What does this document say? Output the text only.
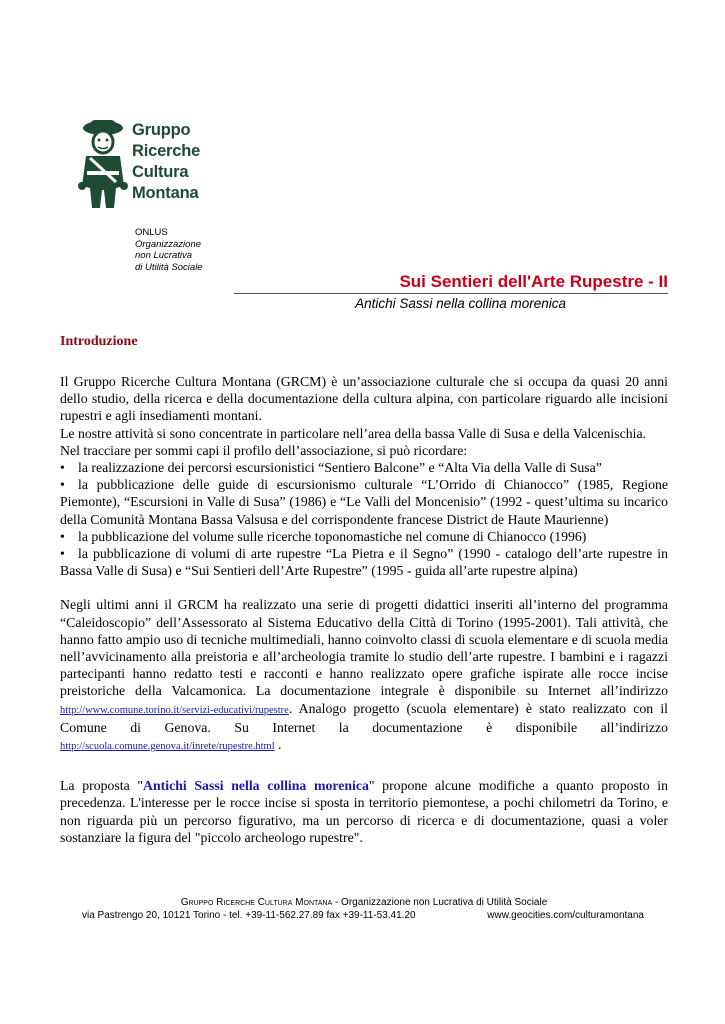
Gruppo
Ricerche
Cultura
Montana
ONLUS
Organizzazione
non Lucrativa
di Utilità Sociale
Sui Sentieri dell'Arte Rupestre - II
Antichi Sassi nella collina morenica
Introduzione

Il Gruppo Ricerche Cultura Montana (GRCM) è un’associazione culturale che si occupa da quasi 20 anni dello studio, della ricerca e della documentazione della cultura alpina, con particolare riguardo alle incisioni rupestri e agli insediamenti montani.

Le nostre attività si sono concentrate in particolare nell’area della bassa Valle di Susa e della Valcenischia.

Nel tracciare per sommi capi il profilo dell’associazione, si può ricordare:

• la realizzazione dei percorsi escursionistici “Sentiero Balcone” e “Alta Via della Valle di Susa”

• la pubblicazione delle guide di escursionismo culturale “L’Orrido di Chianocco” (1985, Regione Piemonte), “Escursioni in Valle di Susa” (1986) e “Le Valli del Moncenisio” (1992 - quest’ultima su incarico della Comunità Montana Bassa Valsusa e del corrispondente francese District de Haute Maurienne)

• la pubblicazione del volume sulle ricerche toponomastiche nel comune di Chianocco (1996)

• la pubblicazione di volumi di arte rupestre “La Pietra e il Segno” (1990 - catalogo dell’arte rupestre in Bassa Valle di Susa) e “Sui Sentieri dell’Arte Rupestre” (1995 - guida all’arte rupestre alpina)

Negli ultimi anni il GRCM ha realizzato una serie di progetti didattici inseriti all’interno del programma “Caleidoscopio” dell’Assessorato al Sistema Educativo della Città di Torino (1995-2001). Tali attività, che hanno fatto ampio uso di tecniche multimediali, hanno coinvolto classi di scuola elementare e di scuola media nell’avvicinamento alla preistoria e all’archeologia tramite lo studio dell’arte rupestre. I bambini e i ragazzi partecipanti hanno redatto testi e racconti e hanno realizzato opere grafiche ispirate alle rocce incise preistoriche della Valcamonica. La documentazione integrale è disponibile su Internet all’indirizzo http://www.comune.torino.it/servizi-educativi/rupestre. Analogo progetto (scuola elementare) è stato realizzato con il Comune di Genova. Su Internet la documentazione è disponibile all’indirizzo http://scuola.comune.genova.it/inrete/rupestre.html .

La proposta "Antichi Sassi nella collina morenica" propone alcune modifiche a quanto proposto in precedenza. L'interesse per le rocce incise si sposta in territorio piemontese, a pochi chilometri da Torino, e non riguarda più un percorso figurativo, ma un percorso di ricerca e di documentazione, quasi a voler sostanziare la figura del "piccolo archeologo rupestre".

Gruppo Ricerche Cultura Montana - Organizzazione non Lucrativa di Utilità Sociale
via Pastrengo 20, 10121 Torino - tel. +39-11-562.27.89 fax +39-11-53.41.20	www.geocities.com/culturamontana
